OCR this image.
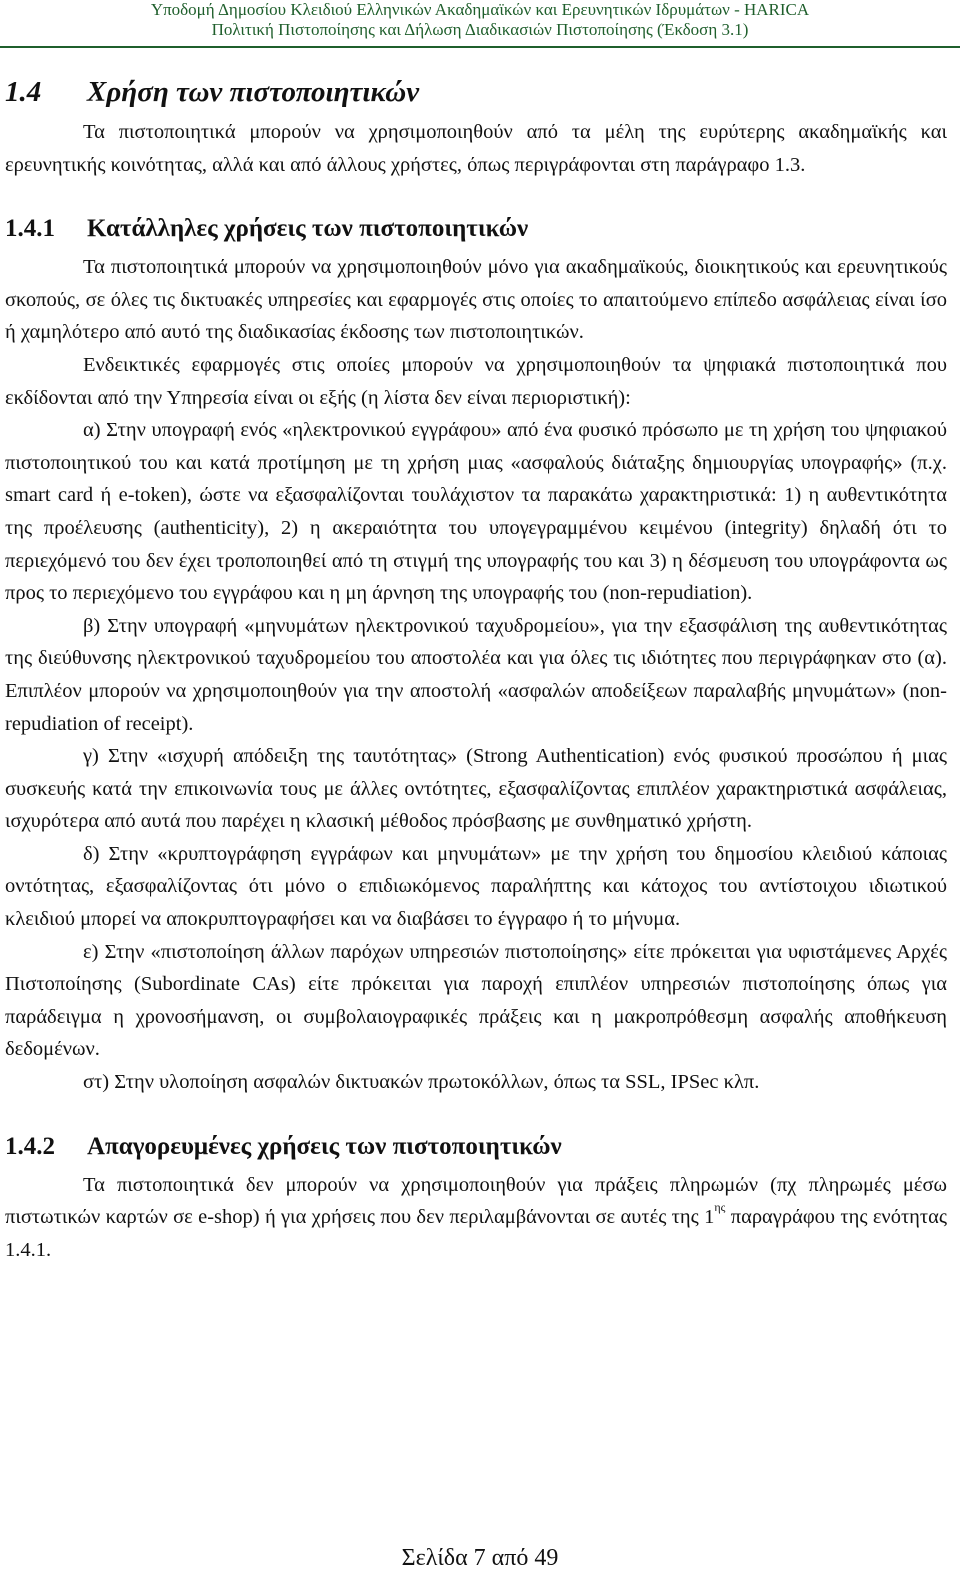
Υποδομή Δημοσίου Κλειδιού Ελληνικών Ακαδημαϊκών και Ερευνητικών Ιδρυμάτων - HARICA
Πολιτική Πιστοποίησης και Δήλωση Διαδικασιών Πιστοποίησης (Έκδοση 3.1)
1.4 Χρήση των πιστοποιητικών

Τα πιστοποιητικά μπορούν να χρησιμοποιηθούν από τα μέλη της ευρύτερης ακαδημαϊκής και ερευνητικής κοινότητας, αλλά και από άλλους χρήστες, όπως περιγράφονται στη παράγραφο 1.3.

1.4.1 Κατάλληλες χρήσεις των πιστοποιητικών

Τα πιστοποιητικά μπορούν να χρησιμοποιηθούν μόνο για ακαδημαϊκούς, διοικητικούς και ερευνητικούς σκοπούς, σε όλες τις δικτυακές υπηρεσίες και εφαρμογές στις οποίες το απαιτούμενο επίπεδο ασφάλειας είναι ίσο ή χαμηλότερο από αυτό της διαδικασίας έκδοσης των πιστοποιητικών.

Ενδεικτικές εφαρμογές στις οποίες μπορούν να χρησιμοποιηθούν τα ψηφιακά πιστοποιητικά που εκδίδονται από την Υπηρεσία είναι οι εξής (η λίστα δεν είναι περιοριστική):

α) Στην υπογραφή ενός «ηλεκτρονικού εγγράφου» από ένα φυσικό πρόσωπο με τη χρήση του ψηφιακού πιστοποιητικού του και κατά προτίμηση με τη χρήση μιας «ασφαλούς διάταξης δημιουργίας υπογραφής» (π.χ. smart card ή e-token), ώστε να εξασφαλίζονται τουλάχιστον τα παρακάτω χαρακτηριστικά: 1) η αυθεντικότητα της προέλευσης (authenticity), 2) η ακεραιότητα του υπογεγραμμένου κειμένου (integrity) δηλαδή ότι το περιεχόμενό του δεν έχει τροποποιηθεί από τη στιγμή της υπογραφής του και 3) η δέσμευση του υπογράφοντα ως προς το περιεχόμενο του εγγράφου και η μη άρνηση της υπογραφής του (non-repudiation).

β) Στην υπογραφή «μηνυμάτων ηλεκτρονικού ταχυδρομείου», για την εξασφάλιση της αυθεντικότητας της διεύθυνσης ηλεκτρονικού ταχυδρομείου του αποστολέα και για όλες τις ιδιότητες που περιγράφηκαν στο (α). Επιπλέον μπορούν να χρησιμοποιηθούν για την αποστολή «ασφαλών αποδείξεων παραλαβής μηνυμάτων» (non-repudiation of receipt).

γ) Στην «ισχυρή απόδειξη της ταυτότητας» (Strong Authentication) ενός φυσικού προσώπου ή μιας συσκευής κατά την επικοινωνία τους με άλλες οντότητες, εξασφαλίζοντας επιπλέον χαρακτηριστικά ασφάλειας, ισχυρότερα από αυτά που παρέχει η κλασική μέθοδος πρόσβασης με συνθηματικό χρήστη.

δ) Στην «κρυπτογράφηση εγγράφων και μηνυμάτων» με την χρήση του δημοσίου κλειδιού κάποιας οντότητας, εξασφαλίζοντας ότι μόνο ο επιδιωκόμενος παραλήπτης και κάτοχος του αντίστοιχου ιδιωτικού κλειδιού μπορεί να αποκρυπτογραφήσει και να διαβάσει το έγγραφο ή το μήνυμα.

ε) Στην «πιστοποίηση άλλων παρόχων υπηρεσιών πιστοποίησης» είτε πρόκειται για υφιστάμενες Αρχές Πιστοποίησης (Subordinate CAs) είτε πρόκειται για παροχή επιπλέον υπηρεσιών πιστοποίησης όπως για παράδειγμα η χρονοσήμανση, οι συμβολαιογραφικές πράξεις και η μακροπρόθεσμη ασφαλής αποθήκευση δεδομένων.

στ) Στην υλοποίηση ασφαλών δικτυακών πρωτοκόλλων, όπως τα SSL, IPSec κλπ.

1.4.2 Απαγορευμένες χρήσεις των πιστοποιητικών

Τα πιστοποιητικά δεν μπορούν να χρησιμοποιηθούν για πράξεις πληρωμών (πχ πληρωμές μέσω πιστωτικών καρτών σε e-shop) ή για χρήσεις που δεν περιλαμβάνονται σε αυτές της $1^{\eta\varsigma}$ παραγράφου της ενότητας 1.4.1.

Σελίδα 7 από 49
